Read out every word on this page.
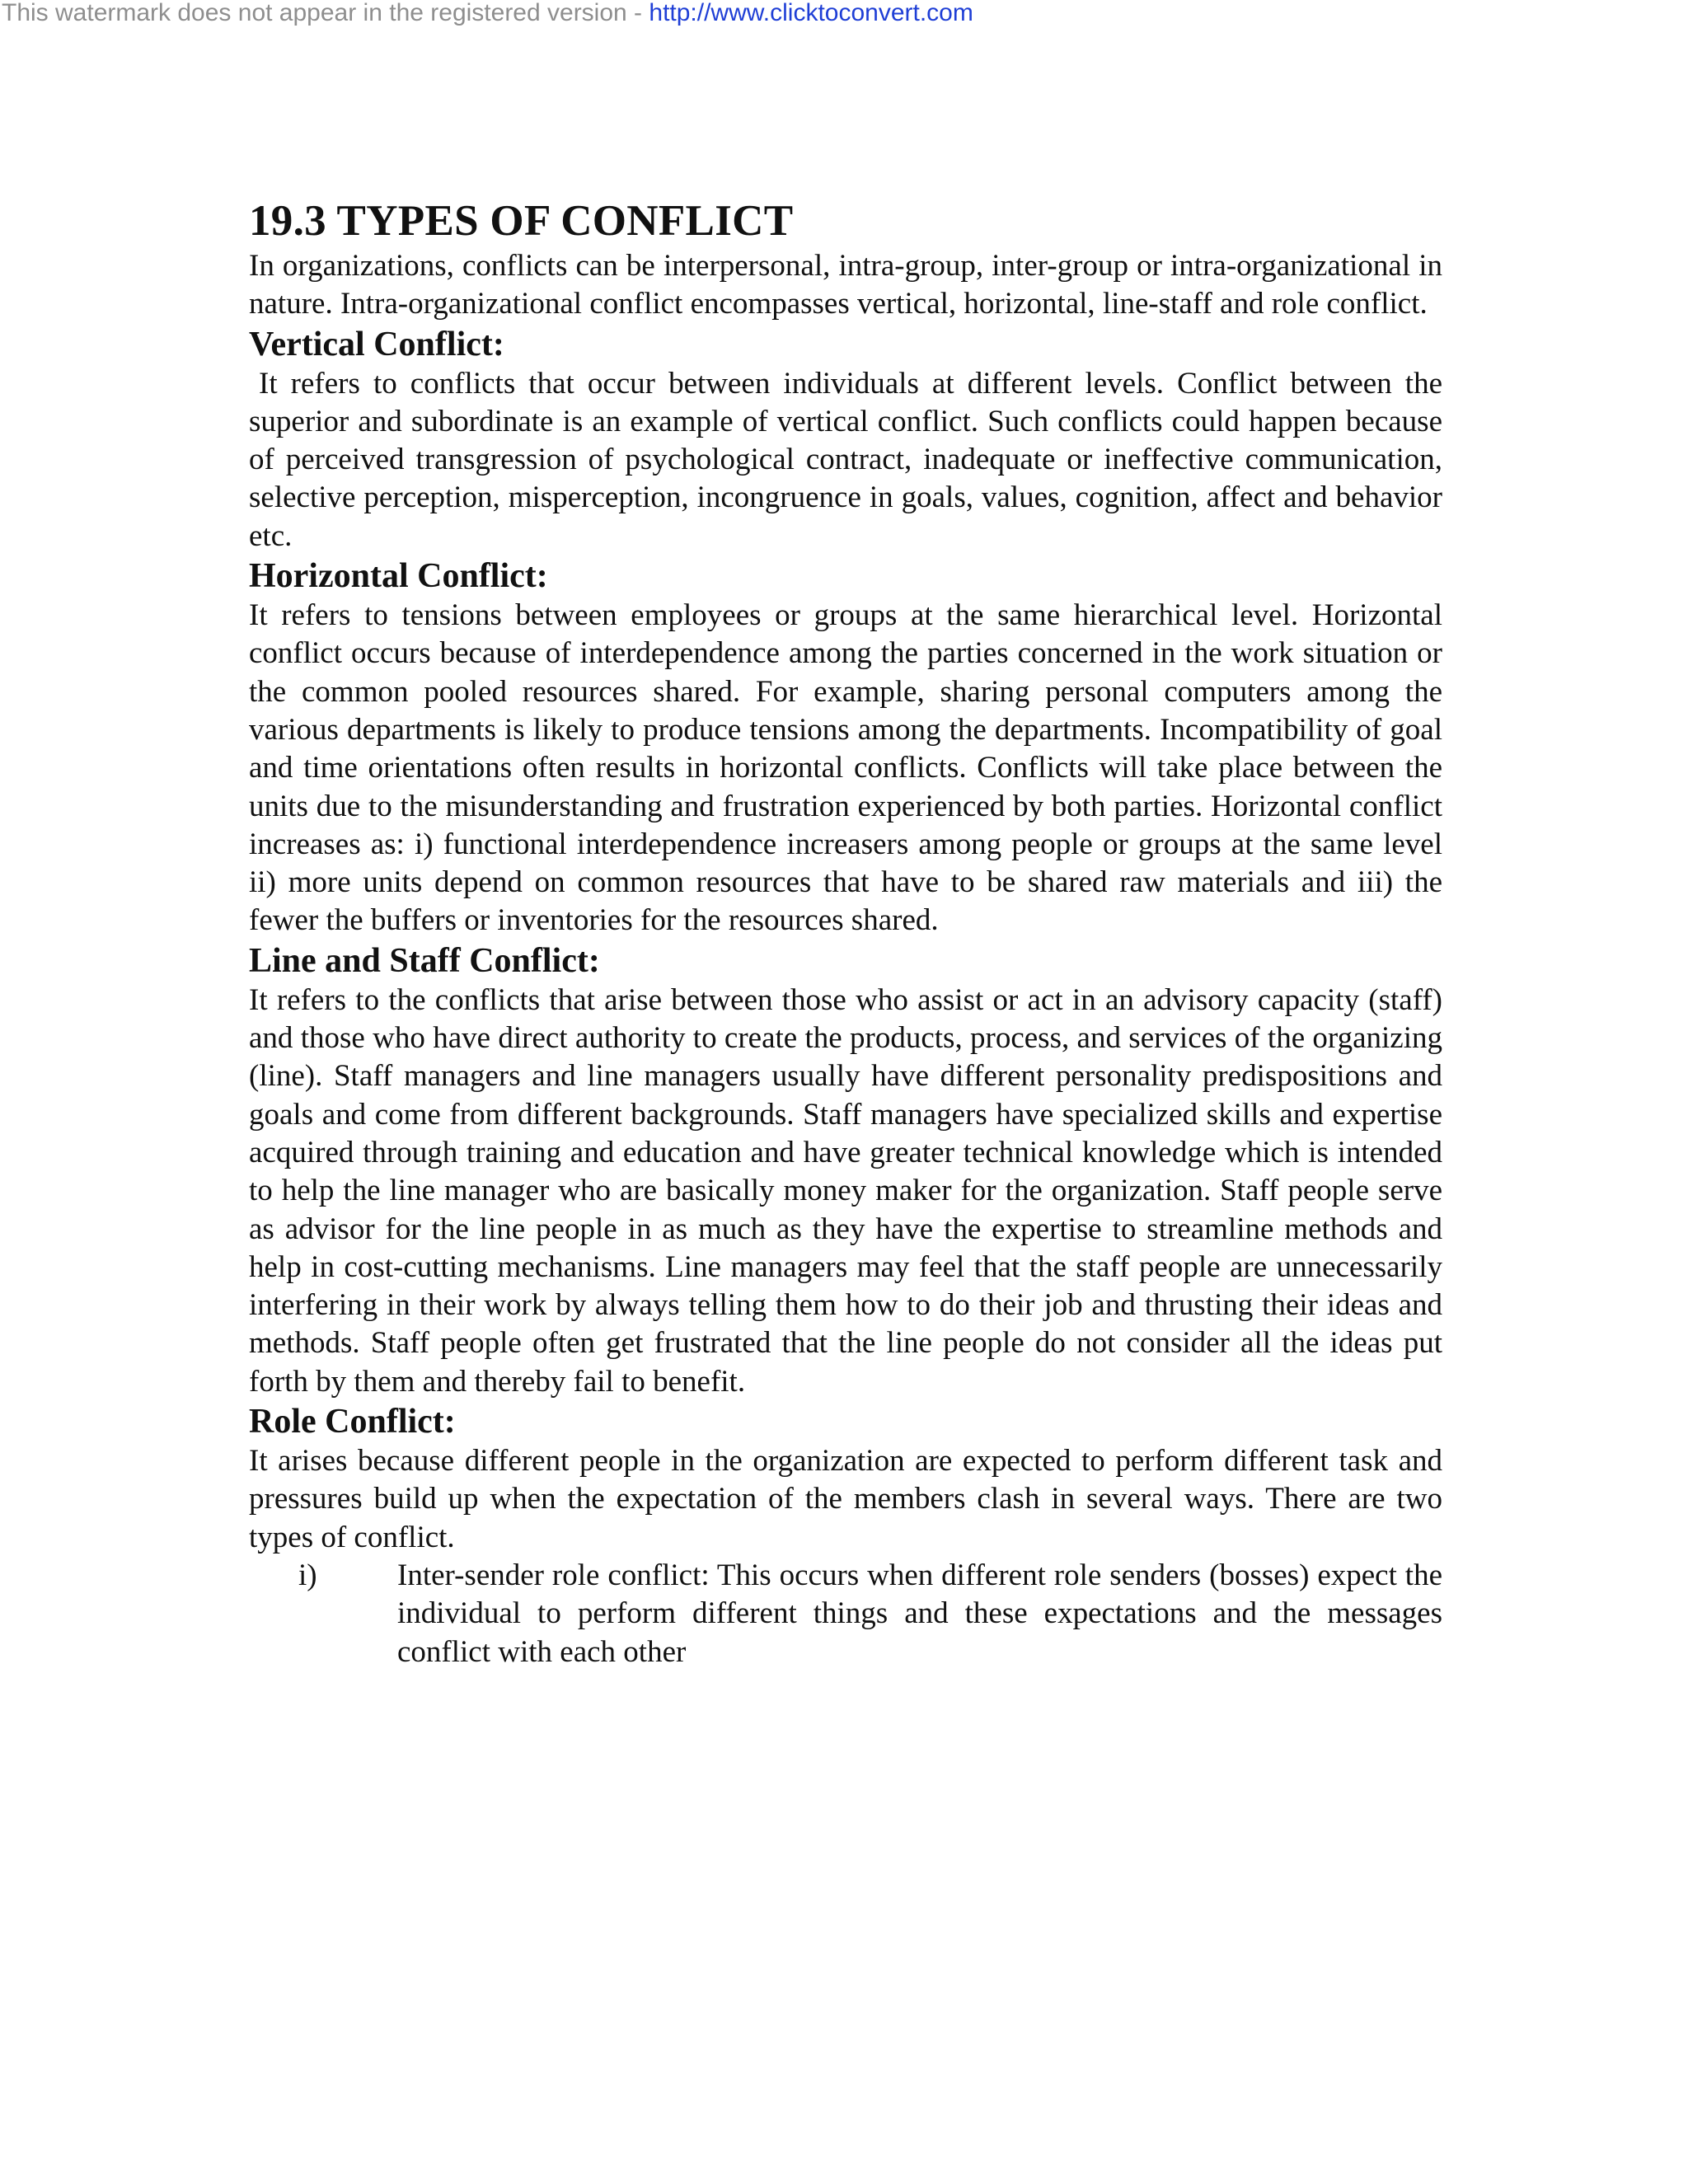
This watermark does not appear in the registered version - http://www.clicktoconvert.com
19.3 TYPES OF CONFLICT

In organizations, conflicts can be interpersonal, intra-group, inter-group or intra-organizational in nature. Intra-organizational conflict encompasses vertical, horizontal, line-staff and role conflict.

Vertical Conflict:

It refers to conflicts that occur between individuals at different levels. Conflict between the superior and subordinate is an example of vertical conflict. Such conflicts could happen because of perceived transgression of psychological contract, inadequate or ineffective communication, selective perception, misperception, incongruence in goals, values, cognition, affect and behavior etc.

Horizontal Conflict:

It refers to tensions between employees or groups at the same hierarchical level. Horizontal conflict occurs because of interdependence among the parties concerned in the work situation or the common pooled resources shared. For example, sharing personal computers among the various departments is likely to produce tensions among the departments. Incompatibility of goal and time orientations often results in horizontal conflicts. Conflicts will take place between the units due to the misunderstanding and frustration experienced by both parties. Horizontal conflict increases as: i) functional interdependence increasers among people or groups at the same level ii) more units depend on common resources that have to be shared raw materials and iii) the fewer the buffers or inventories for the resources shared.

Line and Staff Conflict:

It refers to the conflicts that arise between those who assist or act in an advisory capacity (staff) and those who have direct authority to create the products, process, and services of the organizing (line). Staff managers and line managers usually have different personality predispositions and goals and come from different backgrounds. Staff managers have specialized skills and expertise acquired through training and education and have greater technical knowledge which is intended to help the line manager who are basically money maker for the organization. Staff people serve as advisor for the line people in as much as they have the expertise to streamline methods and help in cost-cutting mechanisms. Line managers may feel that the staff people are unnecessarily interfering in their work by always telling them how to do their job and thrusting their ideas and methods. Staff people often get frustrated that the line people do not consider all the ideas put forth by them and thereby fail to benefit.

Role Conflict:

It arises because different people in the organization are expected to perform different task and pressures build up when the expectation of the members clash in several ways. There are two types of conflict.

i)	Inter-sender role conflict: This occurs when different role senders (bosses) expect the individual to perform different things and these expectations and the messages conflict with each other
